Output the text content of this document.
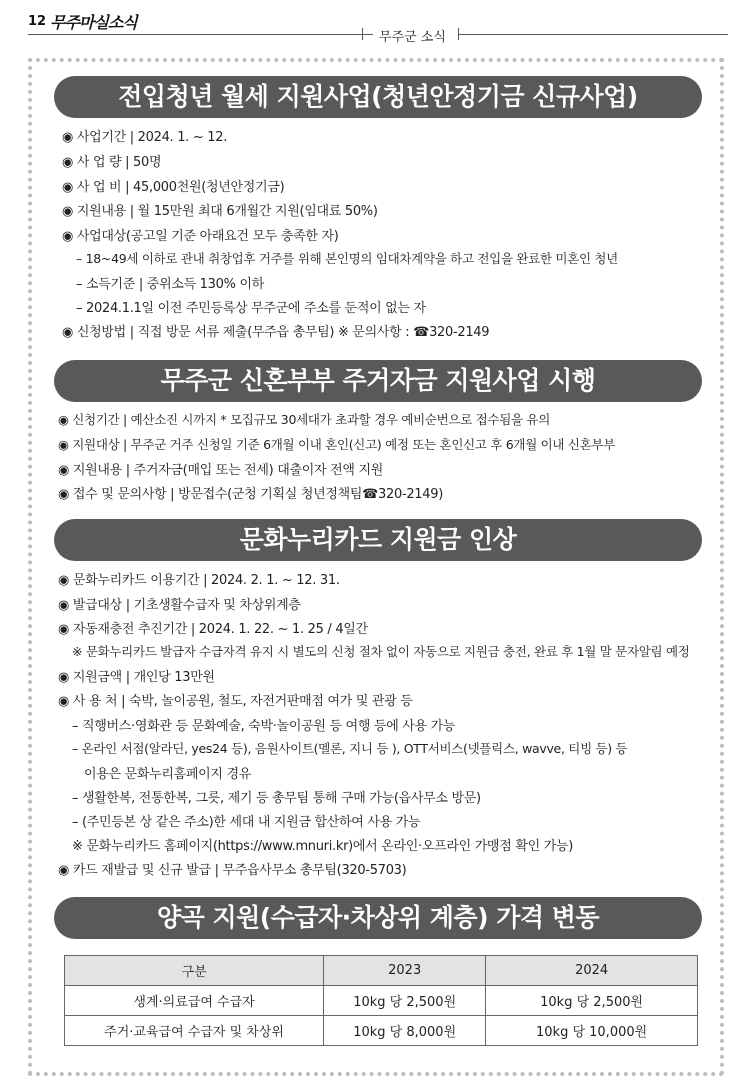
12 무주마실소식
무주군 소식
전입청년 월세 지원사업(청년안정기금 신규사업)
◉ 사업기간 | 2024. 1. ~ 12.
◉ 사 업 량 | 50명
◉ 사 업 비 | 45,000천원(청년안정기금)
◉ 지원내용 | 월 15만원 최대 6개월간 지원(임대료 50%)
◉ 사업대상(공고일 기준 아래요건 모두 충족한 자)
– 18~49세 이하로 관내 취창업후 거주를 위해 본인명의 임대차계약을 하고 전입을 완료한 미혼인 청년
– 소득기준 | 중위소득 130% 이하
– 2024.1.1일 이전 주민등록상 무주군에 주소를 둔적이 없는 자
◉ 신청방법 | 직접 방문 서류 제출(무주읍 총무팀) ※ 문의사항 : ☎320-2149
무주군 신혼부부 주거자금 지원사업 시행
◉ 신청기간 | 예산소진 시까지 * 모집규모 30세대가 초과할 경우 예비순번으로 접수됨을 유의
◉ 지원대상 | 무주군 거주 신청일 기준 6개월 이내 혼인(신고) 예정 또는 혼인신고 후 6개월 이내 신혼부부
◉ 지원내용 | 주거자금(매입 또는 전세) 대출이자 전액 지원
◉ 접수 및 문의사항 | 방문접수(군청 기획실 청년정책팀☎320-2149)
문화누리카드 지원금 인상
◉ 문화누리카드 이용기간 | 2024. 2. 1. ~ 12. 31.
◉ 발급대상 | 기초생활수급자 및 차상위계층
◉ 자동재충전 추진기간 | 2024. 1. 22. ~ 1. 25 / 4일간
※ 문화누리카드 발급자 수급자격 유지 시 별도의 신청 절차 없이 자동으로 지원금 충전, 완료 후 1월 말 문자알림 예정
◉ 지원금액 | 개인당 13만원
◉ 사 용 처 | 숙박, 놀이공원, 철도, 자전거판매점 여가 및 관광 등
– 직행버스·영화관 등 문화예술, 숙박·놀이공원 등 여행 등에 사용 가능
– 온라인 서점(알라딘, yes24 등), 음원사이트(멜론, 지니 등 ), OTT서비스(넷플릭스, wavve, 티빙 등) 등
이용은 문화누리홈페이지 경유
– 생활한복, 전통한복, 그릇, 제기 등 총무팀 통해 구매 가능(읍사무소 방문)
– (주민등본 상 같은 주소)한 세대 내 지원금 합산하여 사용 가능
※ 문화누리카드 홈페이지(https://www.mnuri.kr)에서 온라인·오프라인 가맹점 확인 가능)
◉ 카드 재발급 및 신규 발급 | 무주읍사무소 총무팀(320-5703)
양곡 지원(수급자·차상위 계층) 가격 변동
구분	2023	2024
생계·의료급여 수급자	10kg 당 2,500원	10kg 당 2,500원
주거·교육급여 수급자 및 차상위	10kg 당 8,000원	10kg 당 10,000원
